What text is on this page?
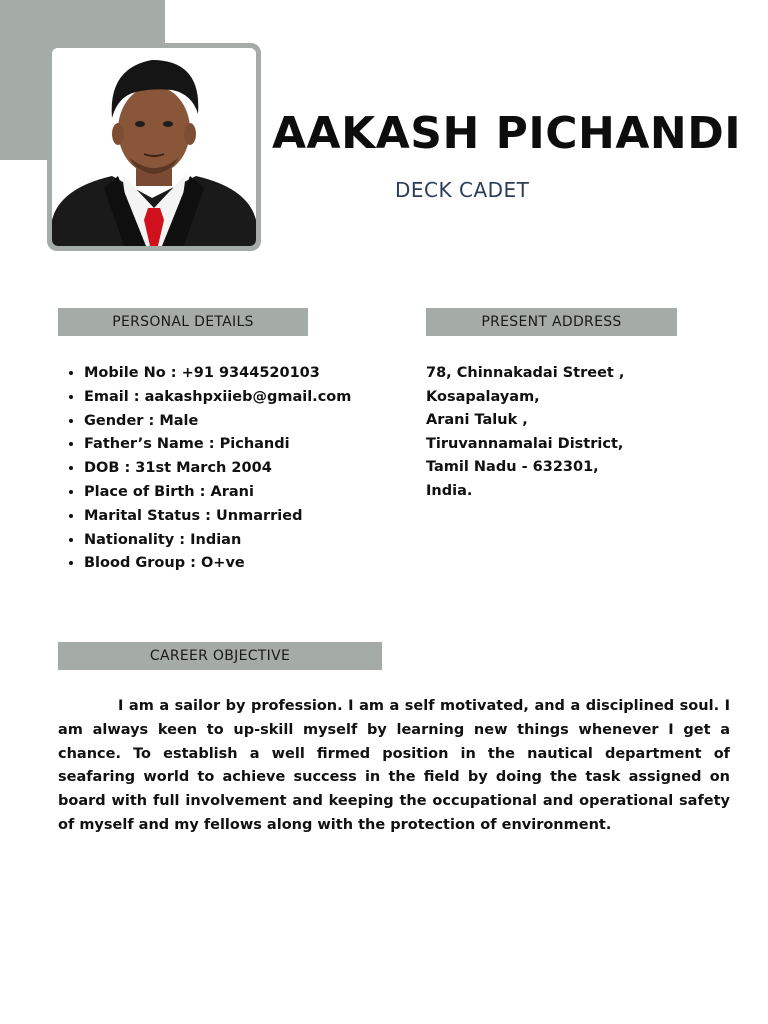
AAKASH PICHANDI

DECK CADET

PERSONAL DETAILS	PRESENT ADDRESS
• Mobile No : +91 9344520103
• Email : aakashpxiieb@gmail.com
• Gender : Male
• Father’s Name : Pichandi
• DOB : 31st March 2004
• Place of Birth : Arani
• Marital Status : Unmarried
• Nationality : Indian
• Blood Group : O+ve
78, Chinnakadai Street ,
Kosapalayam,
Arani Taluk ,
Tiruvannamalai District,
Tamil Nadu - 632301,
India.
CAREER OBJECTIVE

I am a sailor by profession. I am a self motivated, and a disciplined soul. I am always keen to up-skill myself by learning new things whenever I get a chance. To establish a well firmed position in the nautical department of seafaring world to achieve success in the field by doing the task assigned on board with full involvement and keeping the occupational and operational safety of myself and my fellows along with the protection of environment.
